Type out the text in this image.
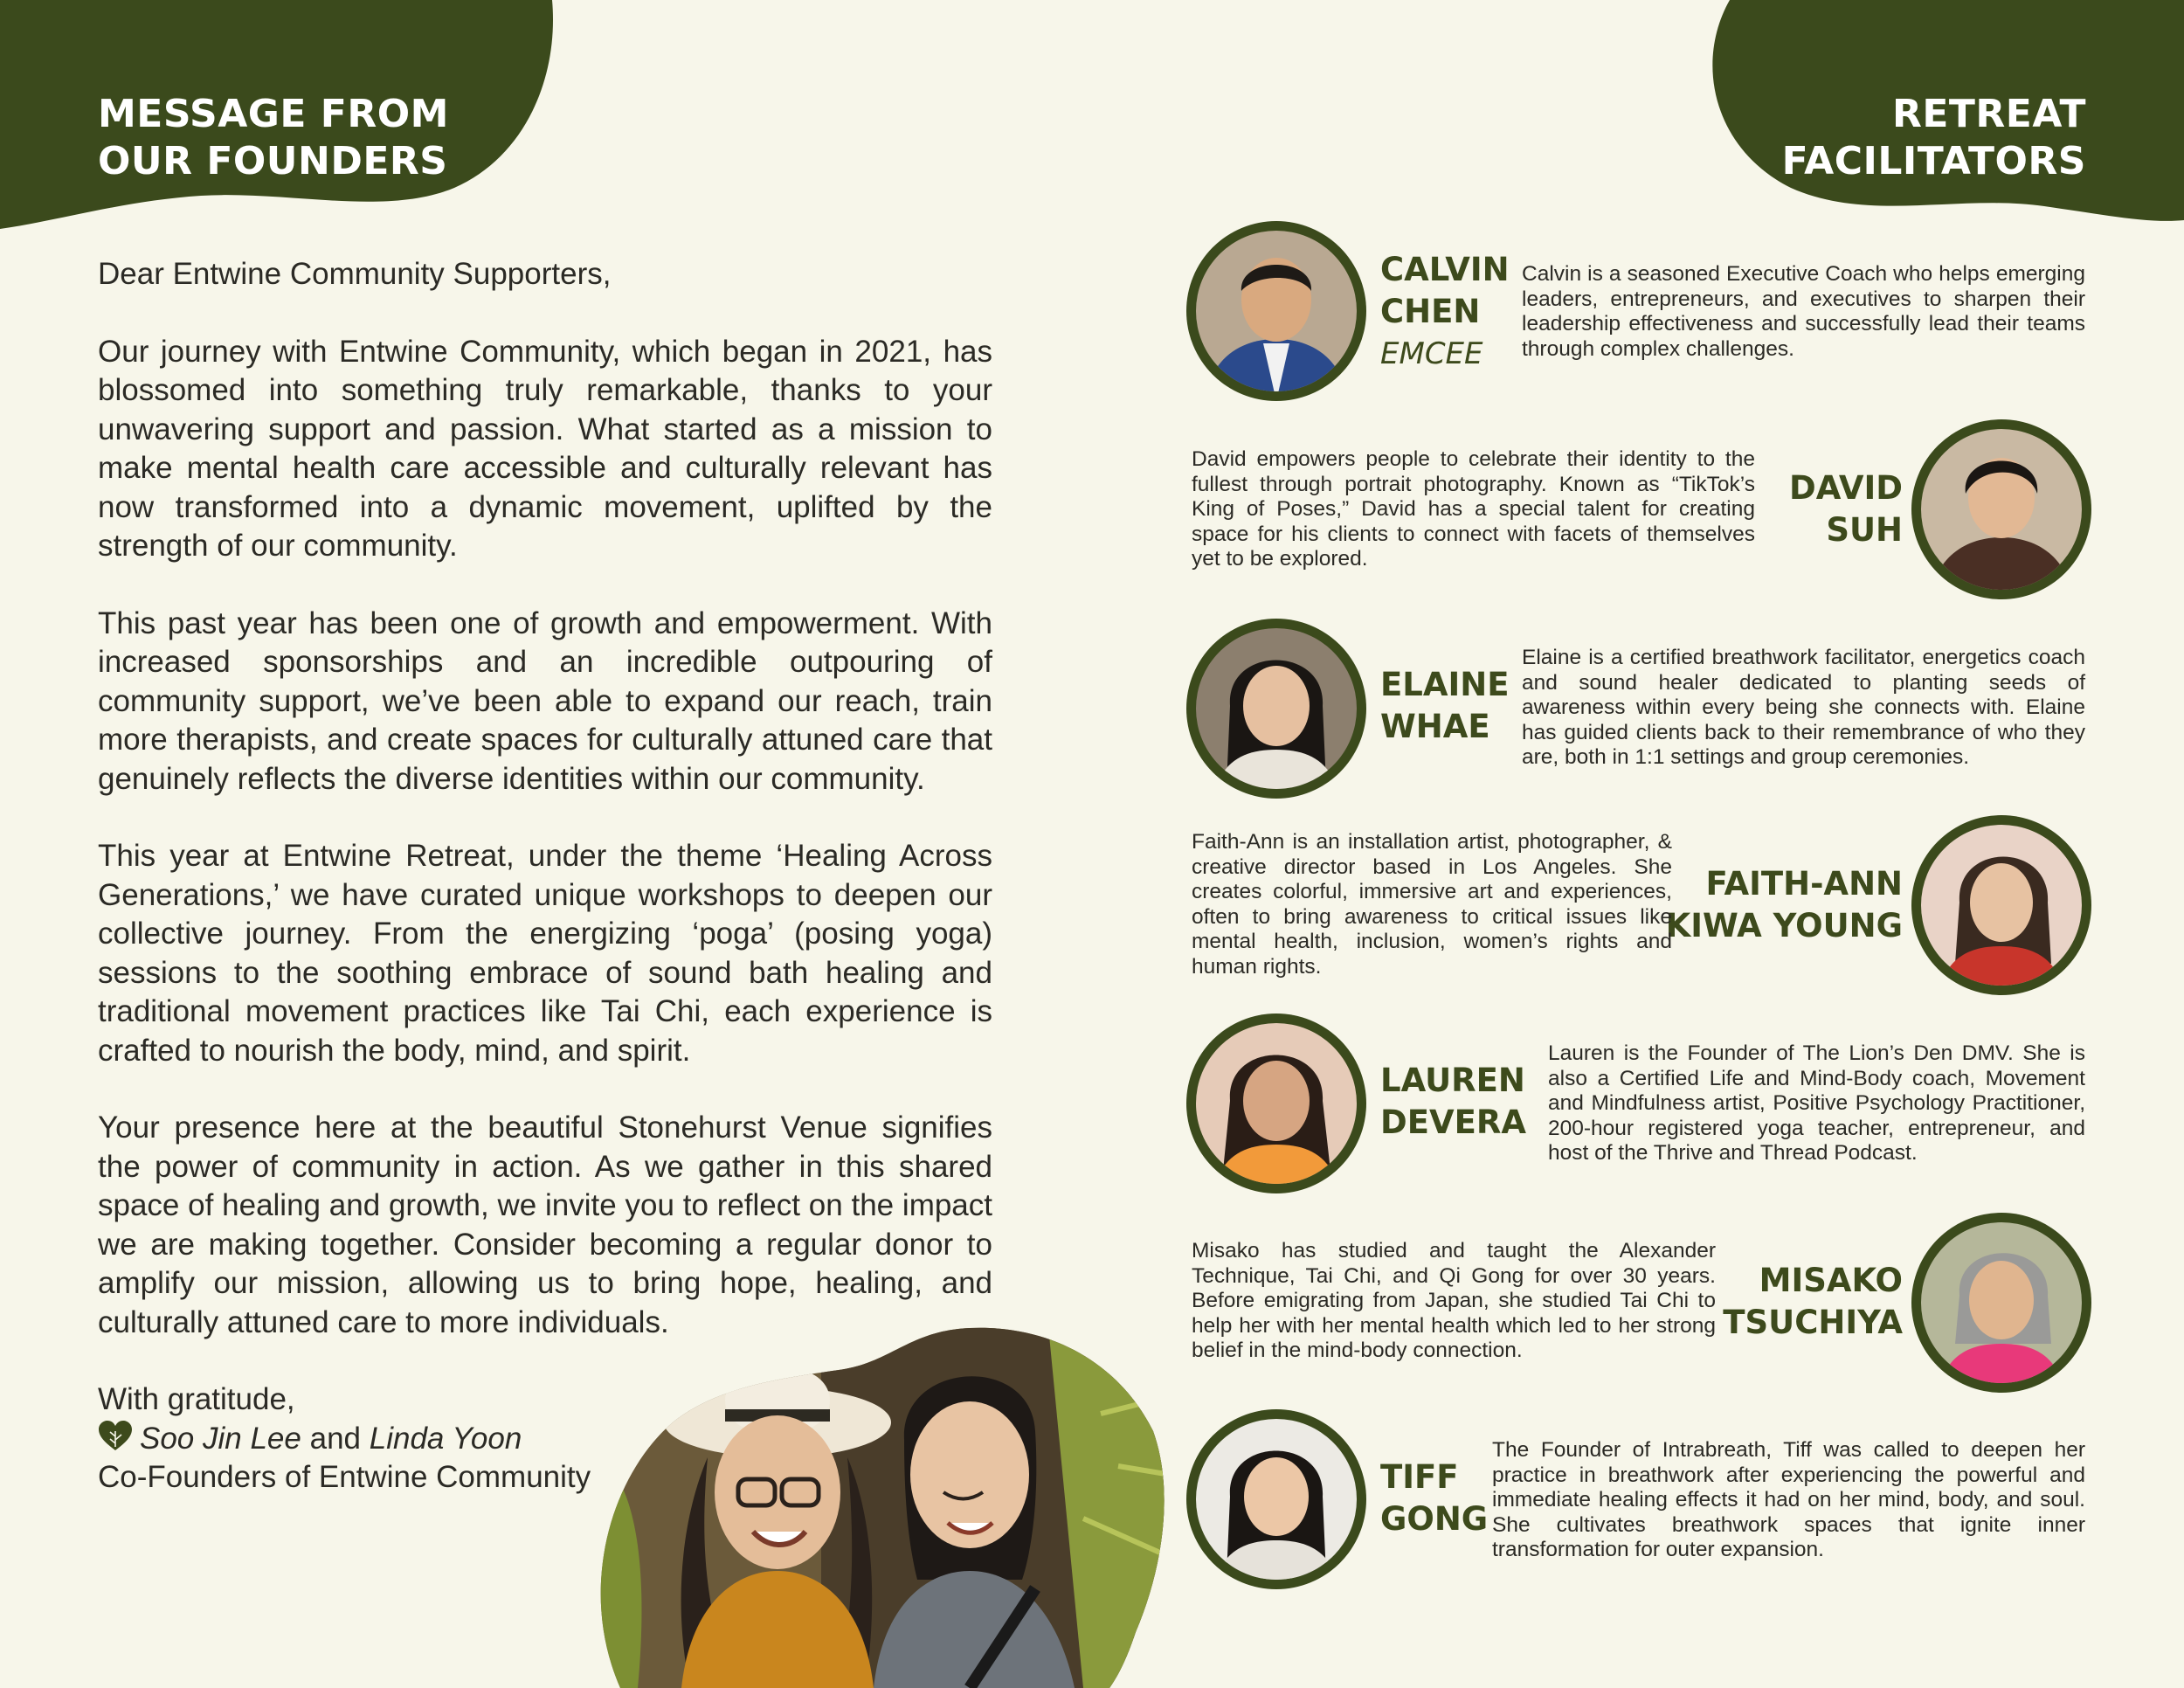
MESSAGE FROM
OUR FOUNDERS
RETREAT
FACILITATORS

Dear Entwine Community Supporters,

Our journey with Entwine Community, which began in 2021, has blossomed into something truly remarkable, thanks to your unwavering support and passion. What started as a mission to make mental health care accessible and culturally relevant has now transformed into a dynamic movement, uplifted by the strength of our community.

This past year has been one of growth and empowerment. With increased sponsorships and an incredible outpouring of community support, we’ve been able to expand our reach, train more therapists, and create spaces for culturally attuned care that genuinely reflects the diverse identities within our community.

This year at Entwine Retreat, under the theme ‘Healing Across Generations,’ we have curated unique workshops to deepen our collective journey. From the energizing ‘poga’ (posing yoga) sessions to the soothing embrace of sound bath healing and traditional movement practices like Tai Chi, each experience is crafted to nourish the body, mind, and spirit.

Your presence here at the beautiful Stonehurst Venue signifies the power of community in action. As we gather in this shared space of healing and growth, we invite you to reflect on the impact we are making together. Consider becoming a regular donor to amplify our mission, allowing us to bring hope, healing, and culturally attuned care to more individuals.

With gratitude,
Soo Jin Lee and Linda Yoon
Co-Founders of Entwine Community
CALVIN
CHEN
EMCEE

Calvin is a seasoned Executive Coach who helps emerging leaders, entrepreneurs, and executives to sharpen their leadership effectiveness and successfully lead their teams through complex challenges.

DAVID
SUH

David empowers people to celebrate their identity to the fullest through portrait photography. Known as “TikTok’s King of Poses,” David has a special talent for creating space for his clients to connect with facets of themselves yet to be explored.

ELAINE
WHAE

Elaine is a certified breathwork facilitator, energetics coach and sound healer dedicated to planting seeds of awareness within every being she connects with. Elaine has guided clients back to their remembrance of who they are, both in 1:1 settings and group ceremonies.

FAITH-ANN
KIWA YOUNG

Faith-Ann is an installation artist, photographer, & creative director based in Los Angeles. She creates colorful, immersive art and experiences, often to bring awareness to critical issues like mental health, inclusion, women’s rights and human rights.

LAUREN
DEVERA

Lauren is the Founder of The Lion’s Den DMV. She is also a Certified Life and Mind-Body coach, Movement and Mindfulness artist, Positive Psychology Practitioner, 200-hour registered yoga teacher, entrepreneur, and host of the Thrive and Thread Podcast.

MISAKO
TSUCHIYA

Misako has studied and taught the Alexander Technique, Tai Chi, and Qi Gong for over 30 years. Before emigrating from Japan, she studied Tai Chi to help her with her mental health which led to her strong belief in the mind-body connection.

TIFF
GONG

The Founder of Intrabreath, Tiff was called to deepen her practice in breathwork after experiencing the powerful and immediate healing effects it had on her mind, body, and soul. She cultivates breathwork spaces that ignite inner transformation for outer expansion.
